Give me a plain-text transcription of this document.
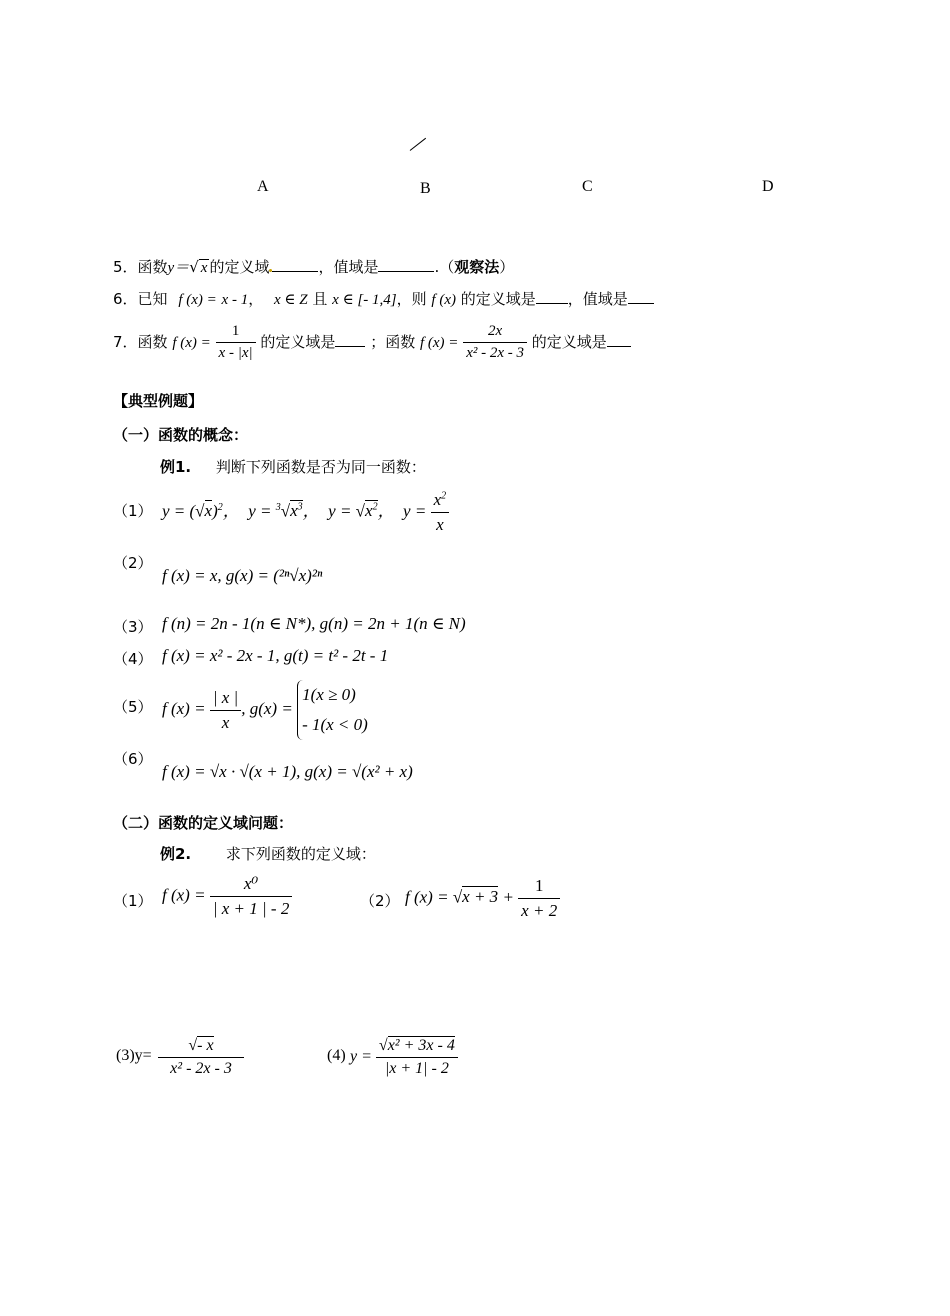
A	B	C	D
5．函数y＝√ x 的定义域	，值域是	.（观察法）
6．已知 f (x) = x - 1， x ∈ Z 且 x ∈ [- 1,4]，则 f (x) 的定义域是 ，值域是
7．函数 f $(x) = \frac{1}{x - |x|}$ 的定义域是 ；函数 f $(x) = \frac{2x}{\text{x² - 2x - 3}}$ 的定义域是
【典型例题】
（一）函数的概念：
例1. 判断下列函数是否为同一函数：
（1） $y = (√x)^2$，  $y = ^3√x^3$，  $y = √x^2$，  $y = \frac{x^2}{x}$
（2）
f (x) = x, g(x) = (²ⁿ√x)²ⁿ
（3） f (n) = 2n - 1(n ∈ N*), g(n) = 2n + 1(n ∈ N)
（4） f (x) = x² - 2x - 1, g(t) = t² - 2t - 1
（5） f $(x) = \frac{| x |}{x}$ , g(x) =
1(x ≥ 0)
- 1(x < 0)
（6）
f (x) = √x · √(x + 1), g(x) = √(x² + x)
（二）函数的定义域问题：
例2. 求下列函数的定义域：
（1） f $(x) = \frac{\text{x⁰}}{| x + 1 | - 2}$	（2） f $(x) = √x + 3 + \frac{1}{x + 2}$
$(3)y= \frac{√- x}{\text{x² - 2x - 3}}$	(4) $y = \frac{\text{√x² + 3x - 4}}{|x + 1| - 2}$
